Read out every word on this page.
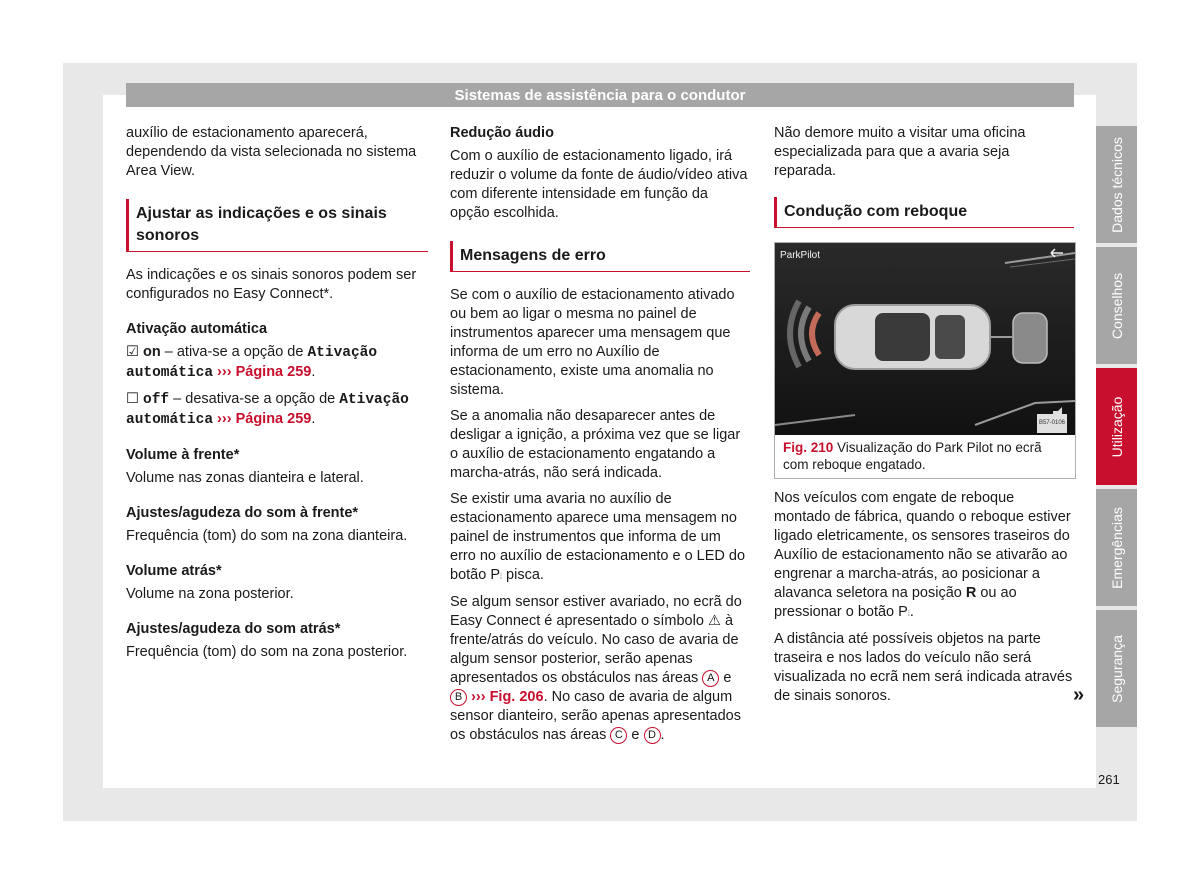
Sistemas de assistência para o condutor

auxílio de estacionamento aparecerá, dependendo da vista selecionada no sistema Area View.

Ajustar as indicações e os sinais sonoros

As indicações e os sinais sonoros podem ser configurados no Easy Connect*.

Ativação automática

☑ on – ativa-se a opção de Ativação automática ››› Página 259.

☐ off – desativa-se a opção de Ativação automática ››› Página 259.

Volume à frente*

Volume nas zonas dianteira e lateral.

Ajustes/agudeza do som à frente*

Frequência (tom) do som na zona dianteira.

Volume atrás*

Volume na zona posterior.

Ajustes/agudeza do som atrás*

Frequência (tom) do som na zona posterior.

Redução áudio

Com o auxílio de estacionamento ligado, irá reduzir o volume da fonte de áudio/vídeo ativa com diferente intensidade em função da opção escolhida.

Mensagens de erro

Se com o auxílio de estacionamento ativado ou bem ao ligar o mesma no painel de instrumentos aparecer uma mensagem que informa de um erro no Auxílio de estacionamento, existe uma anomalia no sistema.

Se a anomalia não desaparecer antes de desligar a ignição, a próxima vez que se ligar o auxílio de estacionamento engatando a marcha-atrás, não será indicada.

Se existir uma avaria no auxílio de estacionamento aparece uma mensagem no painel de instrumentos que informa de um erro no auxílio de estacionamento e o LED do botão P⦙ pisca.

Se algum sensor estiver avariado, no ecrã do Easy Connect é apresentado o símbolo ⚠ à frente/atrás do veículo. No caso de avaria de algum sensor posterior, serão apenas apresentados os obstáculos nas áreas A e B ››› Fig. 206. No caso de avaria de algum sensor dianteiro, serão apenas apresentados os obstáculos nas áreas C e D .

Não demore muito a visitar uma oficina especializada para que a avaria seja reparada.

Condução com reboque
ParkPilot
B57-0106
Fig. 210 Visualização do Park Pilot no ecrã com reboque engatado.

Nos veículos com engate de reboque montado de fábrica, quando o reboque estiver ligado eletricamente, os sensores traseiros do Auxílio de estacionamento não se ativarão ao engrenar a marcha-atrás, ao posicionar a alavanca seletora na posição R ou ao pressionar o botão P⦙.

A distância até possíveis objetos na parte traseira e nos lados do veículo não será visualizada no ecrã nem será indicada através de sinais sonoros.	»
Dados técnicos
Conselhos
Utilização
Emergências
Segurança
261
